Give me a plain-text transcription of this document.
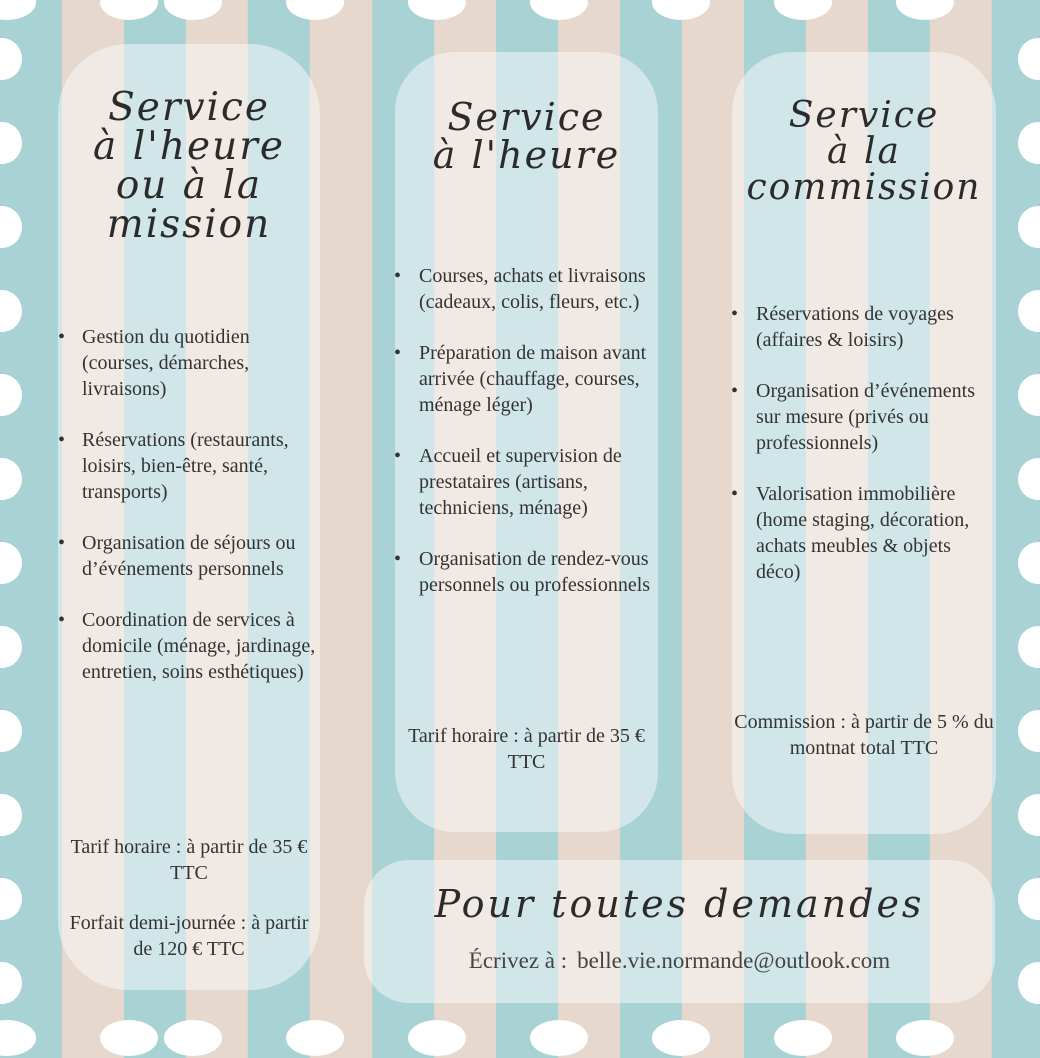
Service
à l'heure
ou à la
mission
• Gestion du quotidien (courses, démarches, livraisons)
• Réservations (restaurants, loisirs, bien-être, santé, transports)
• Organisation de séjours ou d’événements personnels
• Coordination de services à domicile (ménage, jardinage, entretien, soins esthétiques)
Tarif horaire : à partir de 35 € TTC
Forfait demi-journée : à partir de 120 € TTC
Service
à l'heure
• Courses, achats et livraisons (cadeaux, colis, fleurs, etc.)
• Préparation de maison avant arrivée (chauffage, courses, ménage léger)
• Accueil et supervision de prestataires (artisans, techniciens, ménage)
• Organisation de rendez-vous personnels ou professionnels
Tarif horaire : à partir de 35 € TTC
Service
à la
commission
• Réservations de voyages (affaires & loisirs)
• Organisation d’événements sur mesure (privés ou professionnels)
• Valorisation immobilière (home staging, décoration, achats meubles & objets déco)
Commission : à partir de 5 % du montnat total TTC
Pour toutes demandes
Écrivez à : belle.vie.normande@outlook.com
